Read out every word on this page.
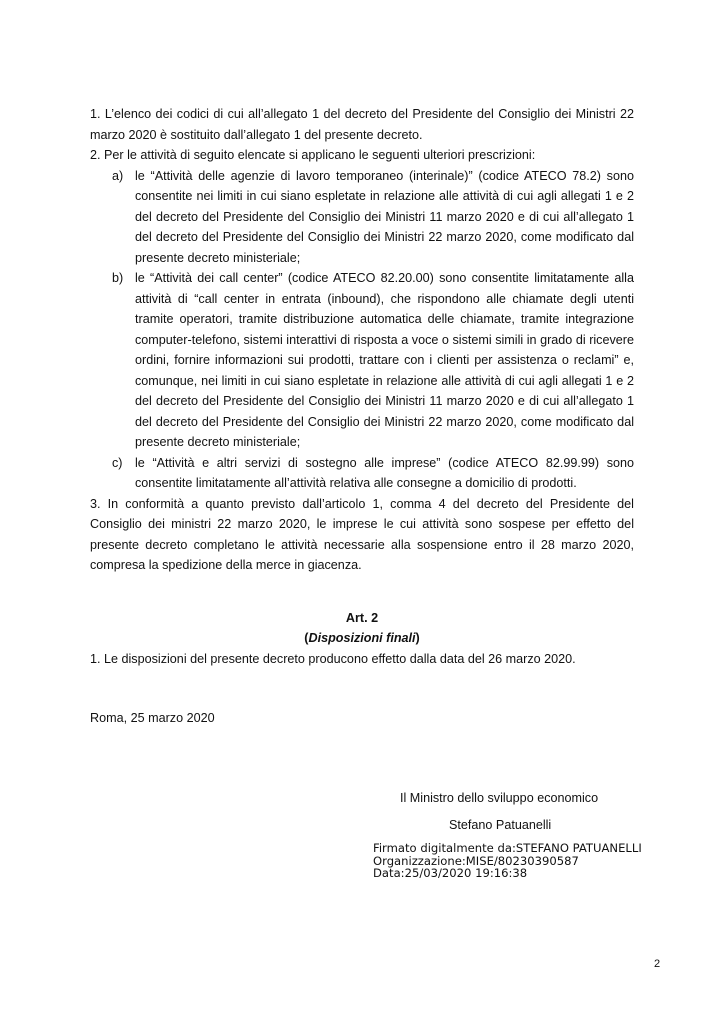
1. L’elenco dei codici di cui all’allegato 1 del decreto del Presidente del Consiglio dei Ministri 22 marzo 2020 è sostituito dall’allegato 1 del presente decreto.

2. Per le attività di seguito elencate si applicano le seguenti ulteriori prescrizioni:

a) le “Attività delle agenzie di lavoro temporaneo (interinale)” (codice ATECO 78.2) sono consentite nei limiti in cui siano espletate in relazione alle attività di cui agli allegati 1 e 2 del decreto del Presidente del Consiglio dei Ministri 11 marzo 2020 e di cui all’allegato 1 del decreto del Presidente del Consiglio dei Ministri 22 marzo 2020, come modificato dal presente decreto ministeriale;
b) le “Attività dei call center” (codice ATECO 82.20.00) sono consentite limitatamente alla attività di “call center in entrata (inbound), che rispondono alle chiamate degli utenti tramite operatori, tramite distribuzione automatica delle chiamate, tramite integrazione computer-telefono, sistemi interattivi di risposta a voce o sistemi simili in grado di ricevere ordini, fornire informazioni sui prodotti, trattare con i clienti per assistenza o reclami” e, comunque, nei limiti in cui siano espletate in relazione alle attività di cui agli allegati 1 e 2 del decreto del Presidente del Consiglio dei Ministri 11 marzo 2020 e di cui all’allegato 1 del decreto del Presidente del Consiglio dei Ministri 22 marzo 2020, come modificato dal presente decreto ministeriale;
c) le “Attività e altri servizi di sostegno alle imprese” (codice ATECO 82.99.99) sono consentite limitatamente all’attività relativa alle consegne a domicilio di prodotti.

3. In conformità a quanto previsto dall’articolo 1, comma 4 del decreto del Presidente del Consiglio dei ministri 22 marzo 2020, le imprese le cui attività sono sospese per effetto del presente decreto completano le attività necessarie alla sospensione entro il 28 marzo 2020, compresa la spedizione della merce in giacenza.

Art. 2

(Disposizioni finali)

1. Le disposizioni del presente decreto producono effetto dalla data del 26 marzo 2020.

Roma, 25 marzo 2020
Il Ministro dello sviluppo economico
Stefano Patuanelli
Firmato digitalmente da:STEFANO PATUANELLI
Organizzazione:MISE/80230390587
Data:25/03/2020 19:16:38
2
